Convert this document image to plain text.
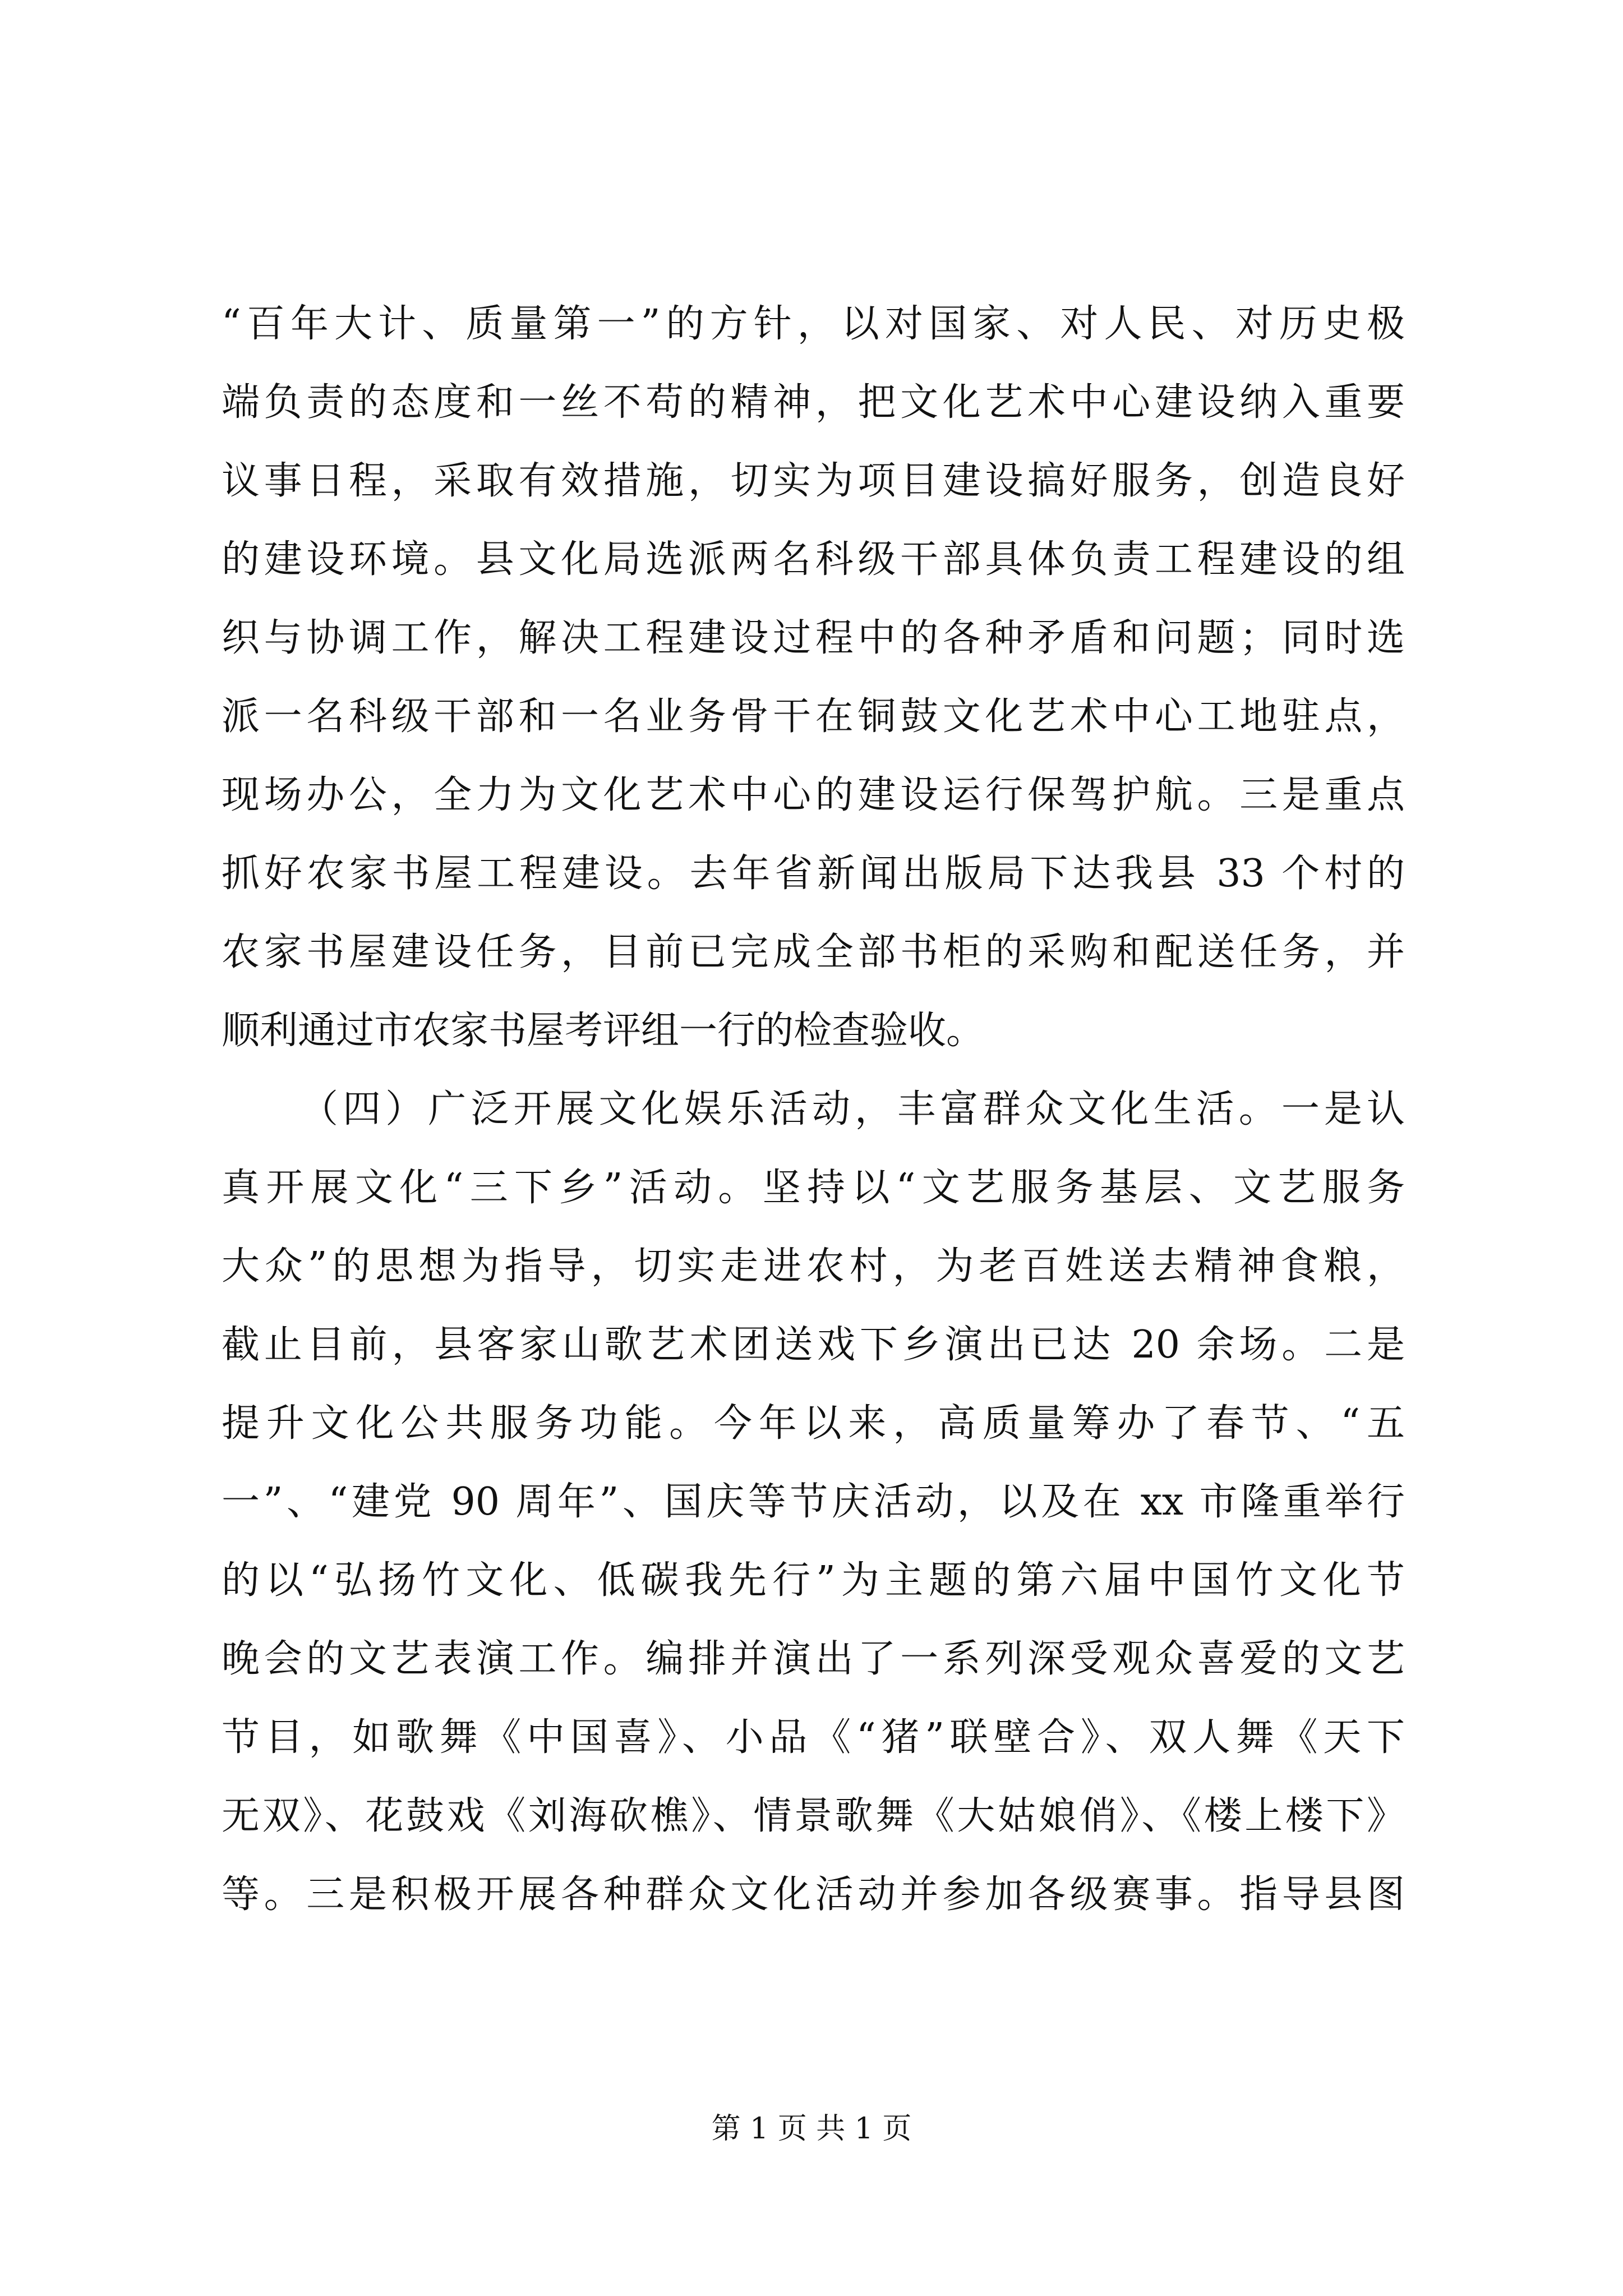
“百年大计、质量第一”的方针，以对国家、对人民、对历史极
端负责的态度和一丝不苟的精神，把文化艺术中心建设纳入重要
议事日程，采取有效措施，切实为项目建设搞好服务，创造良好
的建设环境。县文化局选派两名科级干部具体负责工程建设的组
织与协调工作，解决工程建设过程中的各种矛盾和问题；同时选
派一名科级干部和一名业务骨干在铜鼓文化艺术中心工地驻点，
现场办公，全力为文化艺术中心的建设运行保驾护航。三是重点
抓好农家书屋工程建设。去年省新闻出版局下达我县 33 个村的
农家书屋建设任务，目前已完成全部书柜的采购和配送任务，并
顺利通过市农家书屋考评组一行的检查验收。
（四）广泛开展文化娱乐活动，丰富群众文化生活。一是认
真开展文化“三下乡”活动。坚持以“文艺服务基层、文艺服务
大众”的思想为指导，切实走进农村，为老百姓送去精神食粮，
截止目前，县客家山歌艺术团送戏下乡演出已达 20 余场。二是
提升文化公共服务功能。今年以来，高质量筹办了春节、“五
一”、“建党 90 周年”、国庆等节庆活动，以及在 xx 市隆重举行
的以“弘扬竹文化、低碳我先行”为主题的第六届中国竹文化节
晚会的文艺表演工作。编排并演出了一系列深受观众喜爱的文艺
节目，如歌舞《中国喜》、小品《“猪”联壁合》、双人舞《天下
无双》、花鼓戏《刘海砍樵》、情景歌舞《大姑娘俏》、《楼上楼下》
等。三是积极开展各种群众文化活动并参加各级赛事。指导县图
第 1 页 共 1 页
